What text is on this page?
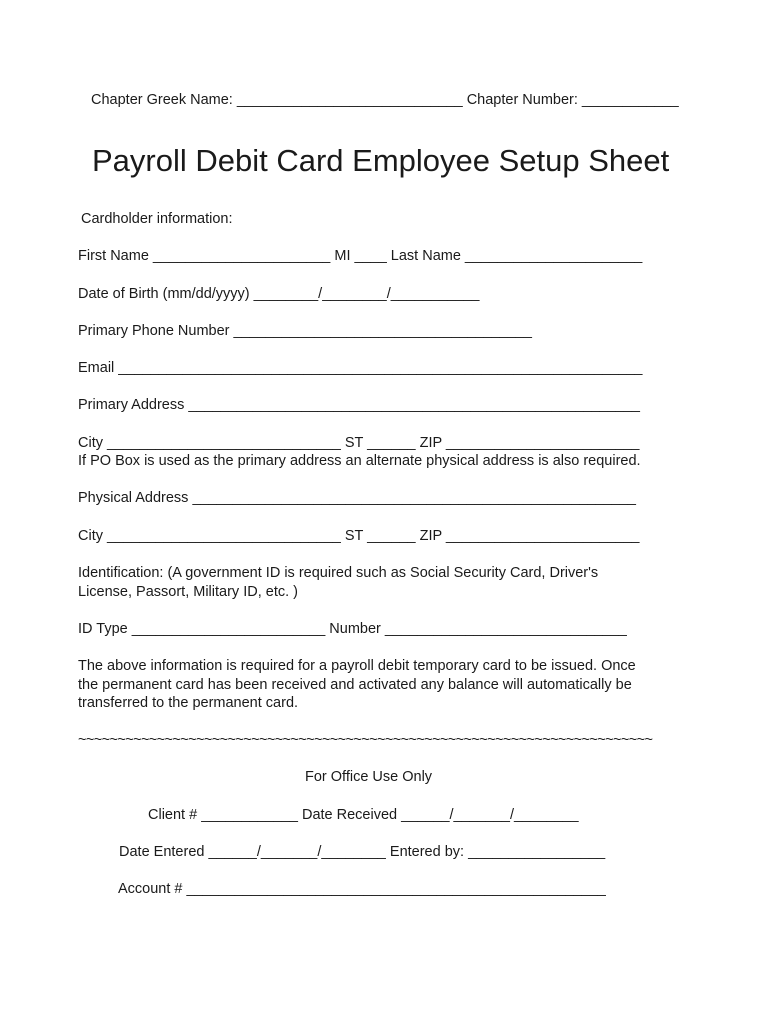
Chapter Greek Name: ____________________________ Chapter Number: ____________
Payroll Debit Card Employee Setup Sheet
Cardholder information:
First Name ______________________ MI ____ Last Name ______________________
Date of Birth (mm/dd/yyyy) ________/________/___________
Primary Phone Number _____________________________________
Email _________________________________________________________________
Primary Address ________________________________________________________
City _____________________________ ST ______ ZIP ________________________
If PO Box is used as the primary address an alternate physical address is also required.
Physical Address _______________________________________________________
City _____________________________ ST ______ ZIP ________________________
Identification: (A government ID is required such as Social Security Card, Driver's
License, Passort, Military ID, etc. )
ID Type ________________________ Number ______________________________
The above information is required for a payroll debit temporary card to be issued. Once
the permanent card has been received and activated any balance will automatically be
transferred to the permanent card.
~~~~~~~~~~~~~~~~~~~~~~~~~~~~~~~~~~~~~~~~~~~~~~~~~~~~~~~~~~~~~~~~~~~~~~~~~
For Office Use Only
Client # ____________ Date Received ______/_______/________
Date Entered ______/_______/________ Entered by: _________________
Account # ____________________________________________________
